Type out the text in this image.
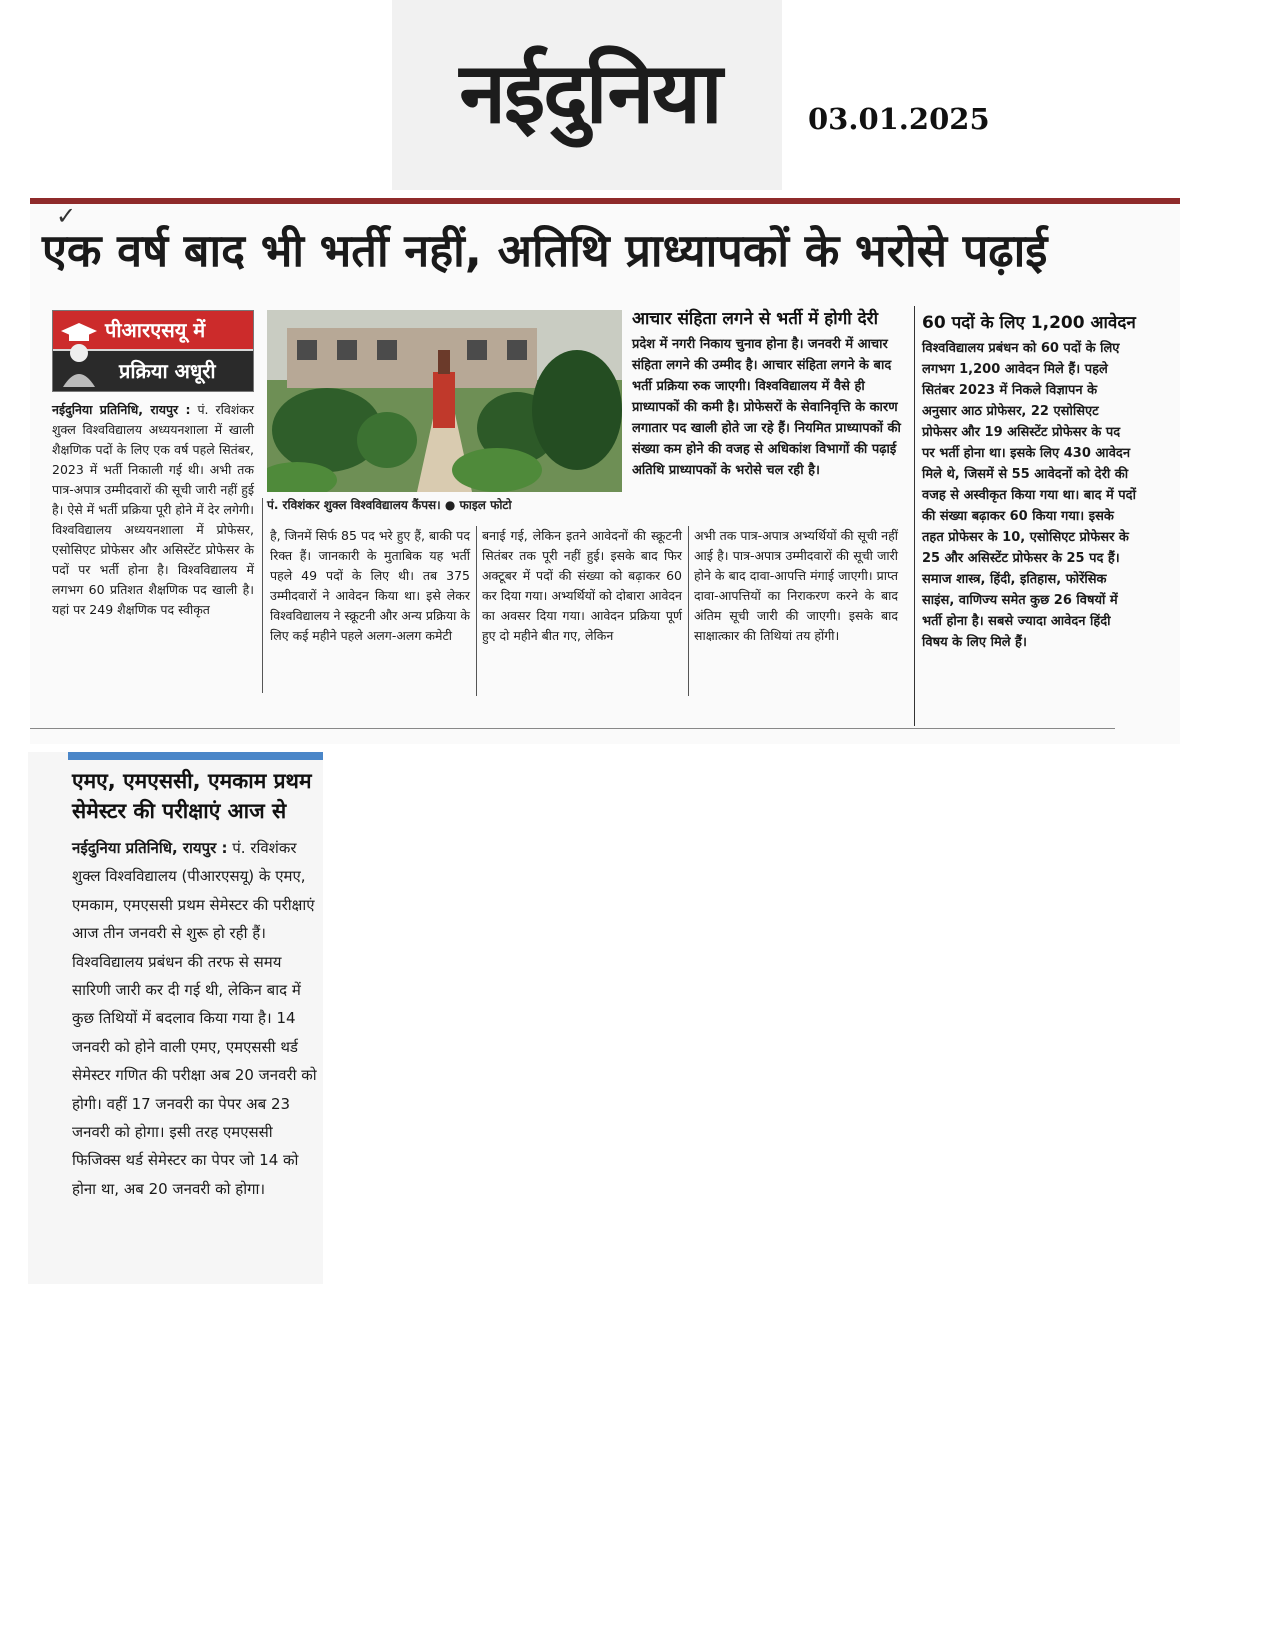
नईदुनिया	03.01.2025
✓
एक वर्ष बाद भी भर्ती नहीं, अतिथि प्राध्यापकों के भरोसे पढ़ाई
पीआरएसयू में
प्रक्रिया अधूरी
पं. रविशंकर शुक्ल विश्वविद्यालय कैंपस। ● फाइल फोटो
नईदुनिया प्रतिनिधि, रायपुर : पं. रविशंकर शुक्ल विश्वविद्यालय अध्ययनशाला में खाली शैक्षणिक पदों के लिए एक वर्ष पहले सितंबर, 2023 में भर्ती निकाली गई थी। अभी तक पात्र-अपात्र उम्मीदवारों की सूची जारी नहीं हुई है। ऐसे में भर्ती प्रक्रिया पूरी होने में देर लगेगी। विश्वविद्यालय अध्ययनशाला में प्रोफेसर, एसोसिएट प्रोफेसर और असिस्टेंट प्रोफेसर के पदों पर भर्ती होना है। विश्वविद्यालय में लगभग 60 प्रतिशत शैक्षणिक पद खाली है। यहां पर 249 शैक्षणिक पद स्वीकृत
है, जिनमें सिर्फ 85 पद भरे हुए हैं, बाकी पद रिक्त हैं। जानकारी के मुताबिक यह भर्ती पहले 49 पदों के लिए थी। तब 375 उम्मीदवारों ने आवेदन किया था। इसे लेकर विश्वविद्यालय ने स्क्रूटनी और अन्य प्रक्रिया के लिए कई महीने पहले अलग-अलग कमेटी
बनाई गई, लेकिन इतने आवेदनों की स्क्रूटनी सितंबर तक पूरी नहीं हुई। इसके बाद फिर अक्टूबर में पदों की संख्या को बढ़ाकर 60 कर दिया गया। अभ्यर्थियों को दोबारा आवेदन का अवसर दिया गया। आवेदन प्रक्रिया पूर्ण हुए दो महीने बीत गए, लेकिन
अभी तक पात्र-अपात्र अभ्यर्थियों की सूची नहीं आई है। पात्र-अपात्र उम्मीदवारों की सूची जारी होने के बाद दावा-आपत्ति मंगाई जाएगी। प्राप्त दावा-आपत्तियों का निराकरण करने के बाद अंतिम सूची जारी की जाएगी। इसके बाद साक्षात्कार की तिथियां तय होंगी।
आचार संहिता लगने से भर्ती में होगी देरी
प्रदेश में नगरी निकाय चुनाव होना है। जनवरी में आचार संहिता लगने की उम्मीद है। आचार संहिता लगने के बाद भर्ती प्रक्रिया रुक जाएगी। विश्वविद्यालय में वैसे ही प्राध्यापकों की कमी है। प्रोफेसरों के सेवानिवृत्ति के कारण लगातार पद खाली होते जा रहे हैं। नियमित प्राध्यापकों की संख्या कम होने की वजह से अधिकांश विभागों की पढ़ाई अतिथि प्राध्यापकों के भरोसे चल रही है।
60 पदों के लिए 1,200 आवेदन
विश्वविद्यालय प्रबंधन को 60 पदों के लिए लगभग 1,200 आवेदन मिले हैं। पहले सितंबर 2023 में निकले विज्ञापन के अनुसार आठ प्रोफेसर, 22 एसोसिएट प्रोफेसर और 19 असिस्टेंट प्रोफेसर के पद पर भर्ती होना था। इसके लिए 430 आवेदन मिले थे, जिसमें से 55 आवेदनों को देरी की वजह से अस्वीकृत किया गया था। बाद में पदों की संख्या बढ़ाकर 60 किया गया। इसके तहत प्रोफेसर के 10, एसोसिएट प्रोफेसर के 25 और असिस्टेंट प्रोफेसर के 25 पद हैं। समाज शास्त्र, हिंदी, इतिहास, फोरेंसिक साइंस, वाणिज्य समेत कुछ 26 विषयों में भर्ती होना है। सबसे ज्यादा आवेदन हिंदी विषय के लिए मिले हैं।
एमए, एमएससी, एमकाम प्रथम सेमेस्टर की परीक्षाएं आज से
नईदुनिया प्रतिनिधि, रायपुर : पं. रविशंकर शुक्ल विश्वविद्यालय (पीआरएसयू) के एमए, एमकाम, एमएससी प्रथम सेमेस्टर की परीक्षाएं आज तीन जनवरी से शुरू हो रही हैं। विश्वविद्यालय प्रबंधन की तरफ से समय सारिणी जारी कर दी गई थी, लेकिन बाद में कुछ तिथियों में बदलाव किया गया है। 14 जनवरी को होने वाली एमए, एमएससी थर्ड सेमेस्टर गणित की परीक्षा अब 20 जनवरी को होगी। वहीं 17 जनवरी का पेपर अब 23 जनवरी को होगा। इसी तरह एमएससी फिजिक्स थर्ड सेमेस्टर का पेपर जो 14 को होना था, अब 20 जनवरी को होगा।
